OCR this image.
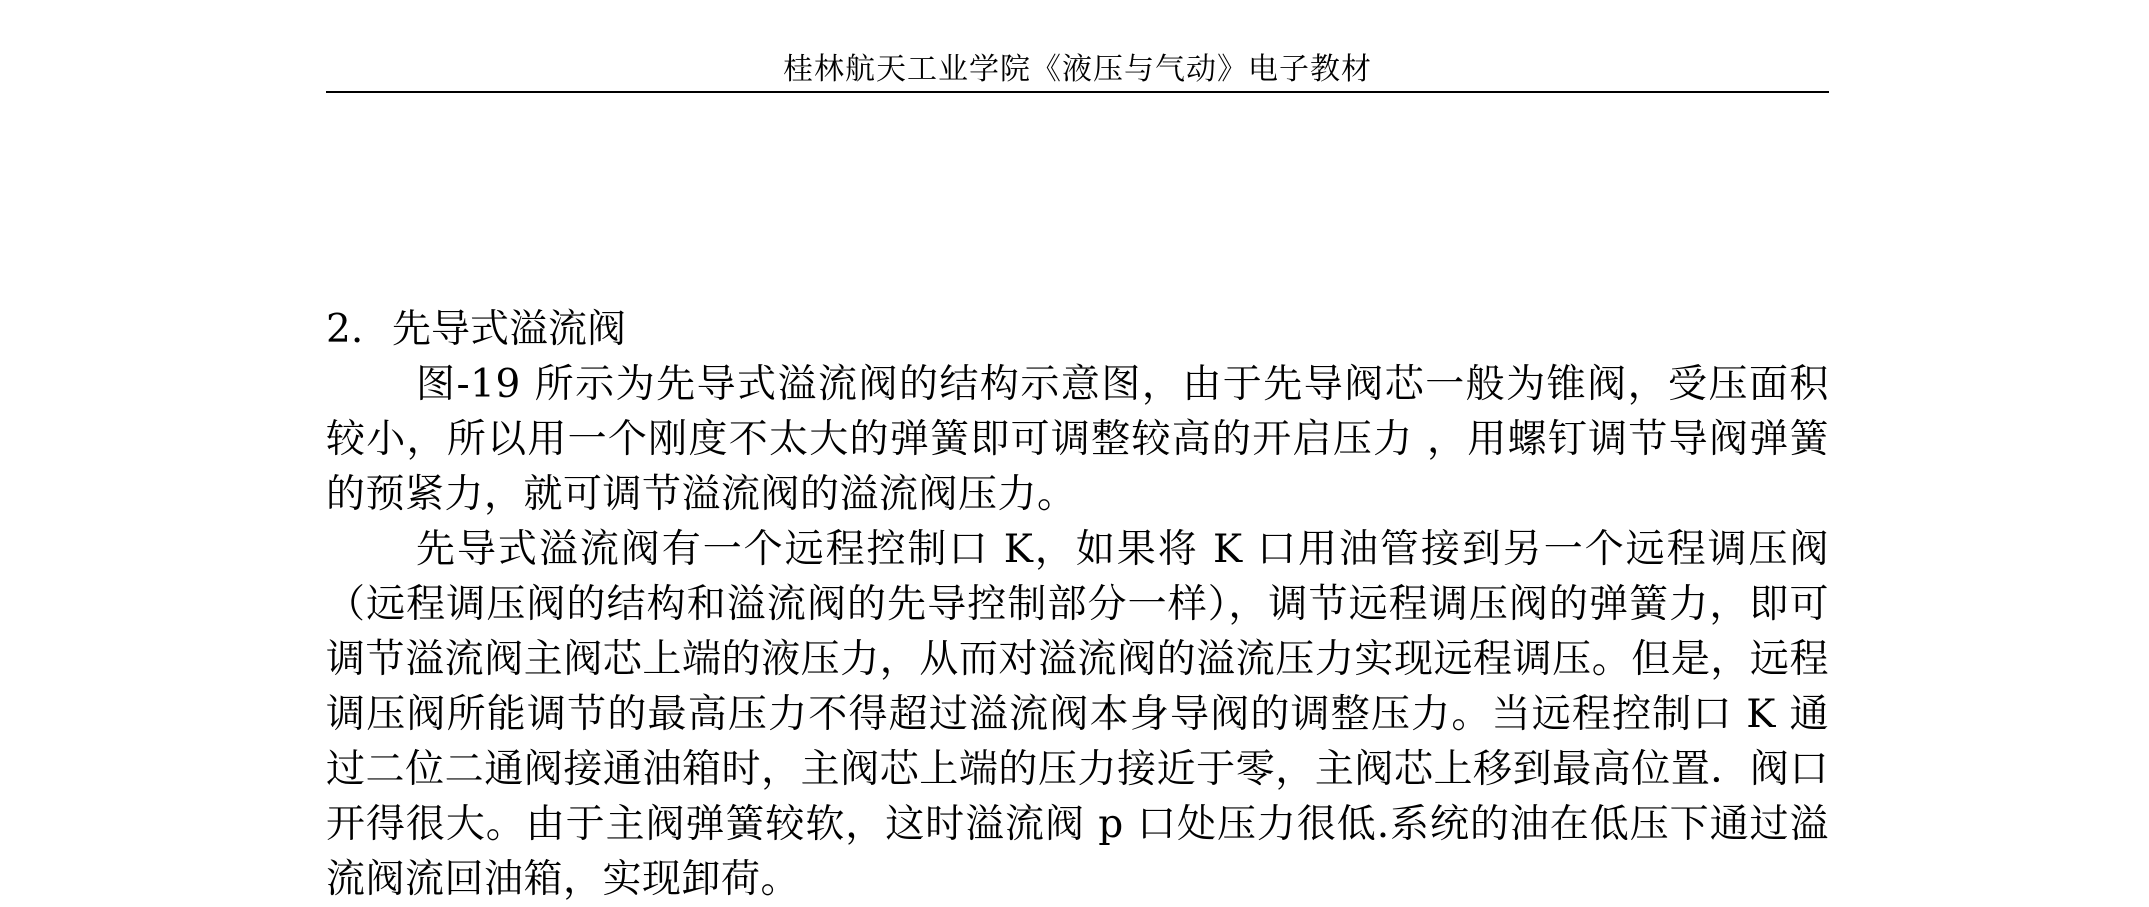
桂林航天工业学院《液压与气动》电子教材

2. 先导式溢流阀

图-19 所示为先导式溢流阀的结构示意图，由于先导阀芯一般为锥阀，受压面积较小，所以用一个刚度不太大的弹簧即可调整较高的开启压力 ，用螺钉调节导阀弹簧的预紧力，就可调节溢流阀的溢流阀压力。

先导式溢流阀有一个远程控制口 K，如果将 K 口用油管接到另一个远程调压阀（远程调压阀的结构和溢流阀的先导控制部分一样），调节远程调压阀的弹簧力，即可调节溢流阀主阀芯上端的液压力，从而对溢流阀的溢流压力实现远程调压。但是，远程调压阀所能调节的最高压力不得超过溢流阀本身导阀的调整压力。当远程控制口 K 通过二位二通阀接通油箱时，主阀芯上端的压力接近于零，主阀芯上移到最高位置．阀口开得很大。由于主阀弹簧较软，这时溢流阀 p 口处压力很低.系统的油在低压下通过溢流阀流回油箱，实现卸荷。
